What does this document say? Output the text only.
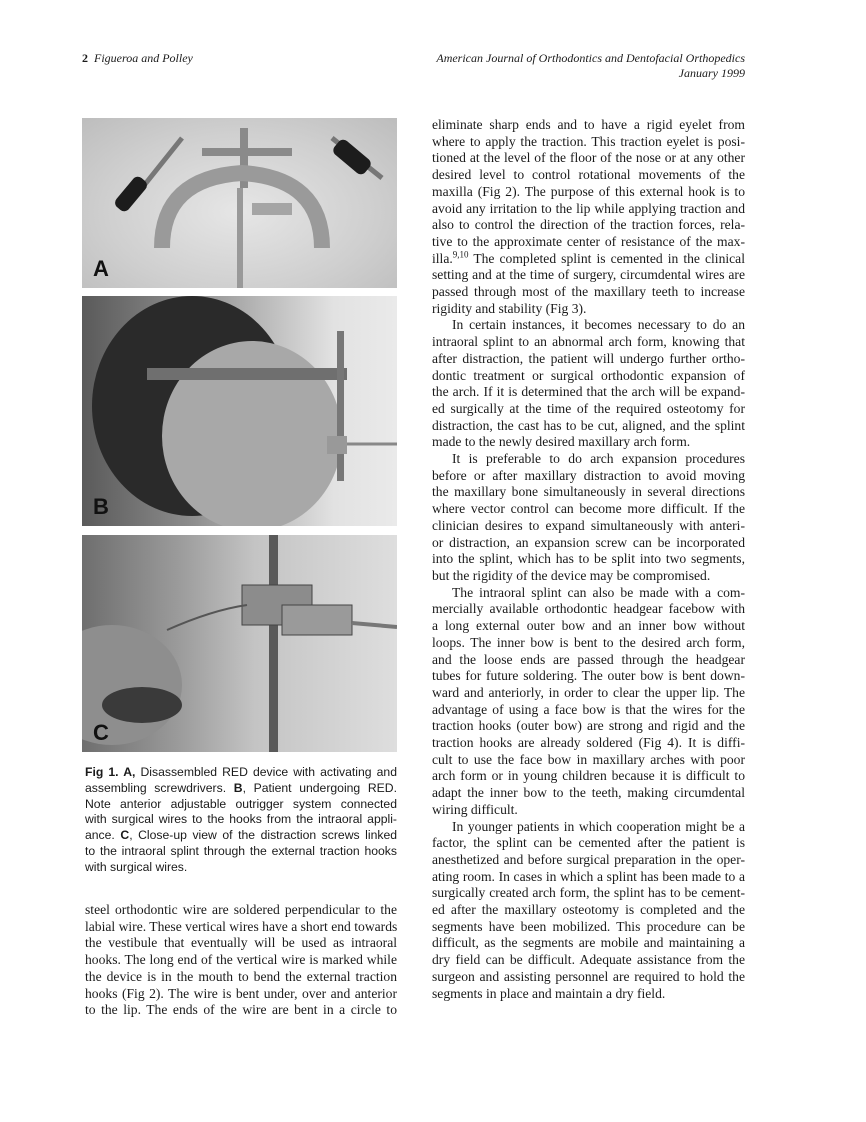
2 Figueroa and Polley	American Journal of Orthodontics and Dentofacial Orthopedics
January 1999
A
B
C
Fig 1. A, Disassembled RED device with activating and
assembling screwdrivers. B, Patient undergoing RED.
Note anterior adjustable outrigger system connected
with surgical wires to the hooks from the intraoral appli-
ance. C, Close-up view of the distraction screws linked
to the intraoral splint through the external traction hooks
with surgical wires.
steel orthodontic wire are soldered perpendicular to the
labial wire. These vertical wires have a short end towards
the vestibule that eventually will be used as intraoral
hooks. The long end of the vertical wire is marked while
the device is in the mouth to bend the external traction
hooks (Fig 2). The wire is bent under, over and anterior
to the lip. The ends of the wire are bent in a circle to
eliminate sharp ends and to have a rigid eyelet from
where to apply the traction. This traction eyelet is posi-
tioned at the level of the floor of the nose or at any other
desired level to control rotational movements of the
maxilla (Fig 2). The purpose of this external hook is to
avoid any irritation to the lip while applying traction and
also to control the direction of the traction forces, rela-
tive to the approximate center of resistance of the max-
illa.$^{9,10}$ The completed splint is cemented in the clinical
setting and at the time of surgery, circumdental wires are
passed through most of the maxillary teeth to increase
rigidity and stability (Fig 3).
In certain instances, it becomes necessary to do an
intraoral splint to an abnormal arch form, knowing that
after distraction, the patient will undergo further ortho-
dontic treatment or surgical orthodontic expansion of
the arch. If it is determined that the arch will be expand-
ed surgically at the time of the required osteotomy for
distraction, the cast has to be cut, aligned, and the splint
made to the newly desired maxillary arch form.
It is preferable to do arch expansion procedures
before or after maxillary distraction to avoid moving
the maxillary bone simultaneously in several directions
where vector control can become more difficult. If the
clinician desires to expand simultaneously with anteri-
or distraction, an expansion screw can be incorporated
into the splint, which has to be split into two segments,
but the rigidity of the device may be compromised.
The intraoral splint can also be made with a com-
mercially available orthodontic headgear facebow with
a long external outer bow and an inner bow without
loops. The inner bow is bent to the desired arch form,
and the loose ends are passed through the headgear
tubes for future soldering. The outer bow is bent down-
ward and anteriorly, in order to clear the upper lip. The
advantage of using a face bow is that the wires for the
traction hooks (outer bow) are strong and rigid and the
traction hooks are already soldered (Fig 4). It is diffi-
cult to use the face bow in maxillary arches with poor
arch form or in young children because it is difficult to
adapt the inner bow to the teeth, making circumdental
wiring difficult.
In younger patients in which cooperation might be a
factor, the splint can be cemented after the patient is
anesthetized and before surgical preparation in the oper-
ating room. In cases in which a splint has been made to a
surgically created arch form, the splint has to be cement-
ed after the maxillary osteotomy is completed and the
segments have been mobilized. This procedure can be
difficult, as the segments are mobile and maintaining a
dry field can be difficult. Adequate assistance from the
surgeon and assisting personnel are required to hold the
segments in place and maintain a dry field.
